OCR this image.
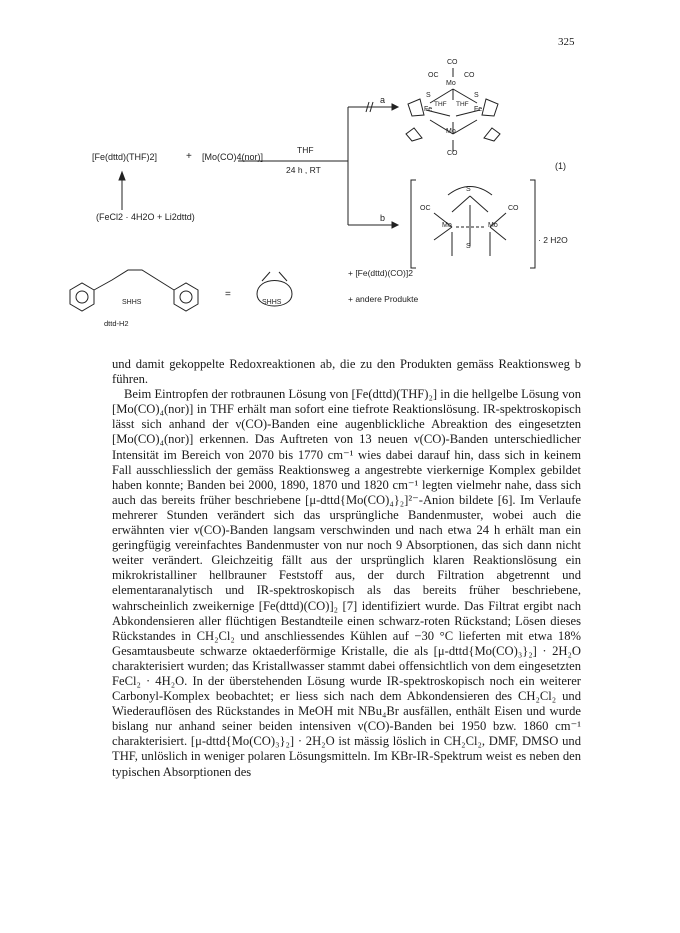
325
[Fe(dttd)(THF)2]	+ [Mo(CO)4(nor)]
THF
24 h , RT
(FeCl2 · 4H2O + Li2dttd)
a
b
(1)
CO
OC	CO
Mo
S	S
Fe
THF THF
Fe
Mo
CO
S
OC	CO
Mo	Mo
S
· 2 H2O
+ [Fe(dttd)(CO)]2
+ andere Produkte
=
SHHS	SHHS
dttd-H2

und damit gekoppelte Redoxreaktionen ab, die zu den Produkten gemäss Reaktionsweg b führen.

Beim Eintropfen der rotbraunen Lösung von [Fe(dttd)(THF)₂] in die hellgelbe Lösung von [Mo(CO)₄(nor)] in THF erhält man sofort eine tiefrote Reaktionslösung. IR-spektroskopisch lässt sich anhand der ν(CO)-Banden eine augenblickliche Abreaktion des eingesetzten [Mo(CO)₄(nor)] erkennen. Das Auftreten von 13 neuen ν(CO)-Banden unterschiedlicher Intensität im Bereich von 2070 bis 1770 cm⁻¹ wies dabei darauf hin, dass sich in keinem Fall ausschliesslich der gemäss Reaktionsweg a angestrebte vierkernige Komplex gebildet haben konnte; Banden bei 2000, 1890, 1870 und 1820 cm⁻¹ legten vielmehr nahe, dass sich auch das bereits früher beschriebene [μ-dttd{Mo(CO)₄}₂]²⁻-Anion bildete [6]. Im Verlaufe mehrerer Stunden verändert sich das ursprüngliche Bandenmuster, wobei auch die erwähnten vier ν(CO)-Banden langsam verschwinden und nach etwa 24 h erhält man ein geringfügig vereinfachtes Bandenmuster von nur noch 9 Absorptionen, das sich dann nicht weiter verändert. Gleichzeitig fällt aus der ursprünglich klaren Reaktionslösung ein mikrokristalliner hellbrauner Feststoff aus, der durch Filtration abgetrennt und elementaranalytisch und IR-spektroskopisch als das bereits früher beschriebene, wahrscheinlich zweikernige [Fe(dttd)(CO)]₂ [7] identifiziert wurde. Das Filtrat ergibt nach Abkondensieren aller flüchtigen Bestandteile einen schwarz-roten Rückstand; Lösen dieses Rückstandes in CH₂Cl₂ und anschliessendes Kühlen auf −30 °C lieferten mit etwa 18% Gesamtausbeute schwarze oktaederförmige Kristalle, die als [μ-dttd{Mo(CO)₃}₂] · 2H₂O charakterisiert wurden; das Kristallwasser stammt dabei offensichtlich von dem eingesetzten FeCl₂ · 4H₂O. In der überstehenden Lösung wurde IR-spektroskopisch noch ein weiterer Carbonyl-Komplex beobachtet; er liess sich nach dem Abkondensieren des CH₂Cl₂ und Wiederauflösen des Rückstandes in MeOH mit NBu₄Br ausfällen, enthält Eisen und wurde bislang nur anhand seiner beiden intensiven ν(CO)-Banden bei 1950 bzw. 1860 cm⁻¹ charakterisiert. [μ-dttd{Mo(CO)₃}₂] · 2H₂O ist mässig löslich in CH₂Cl₂, DMF, DMSO und THF, unlöslich in weniger polaren Lösungsmitteln. Im KBr-IR-Spektrum weist es neben den typischen Absorptionen des
